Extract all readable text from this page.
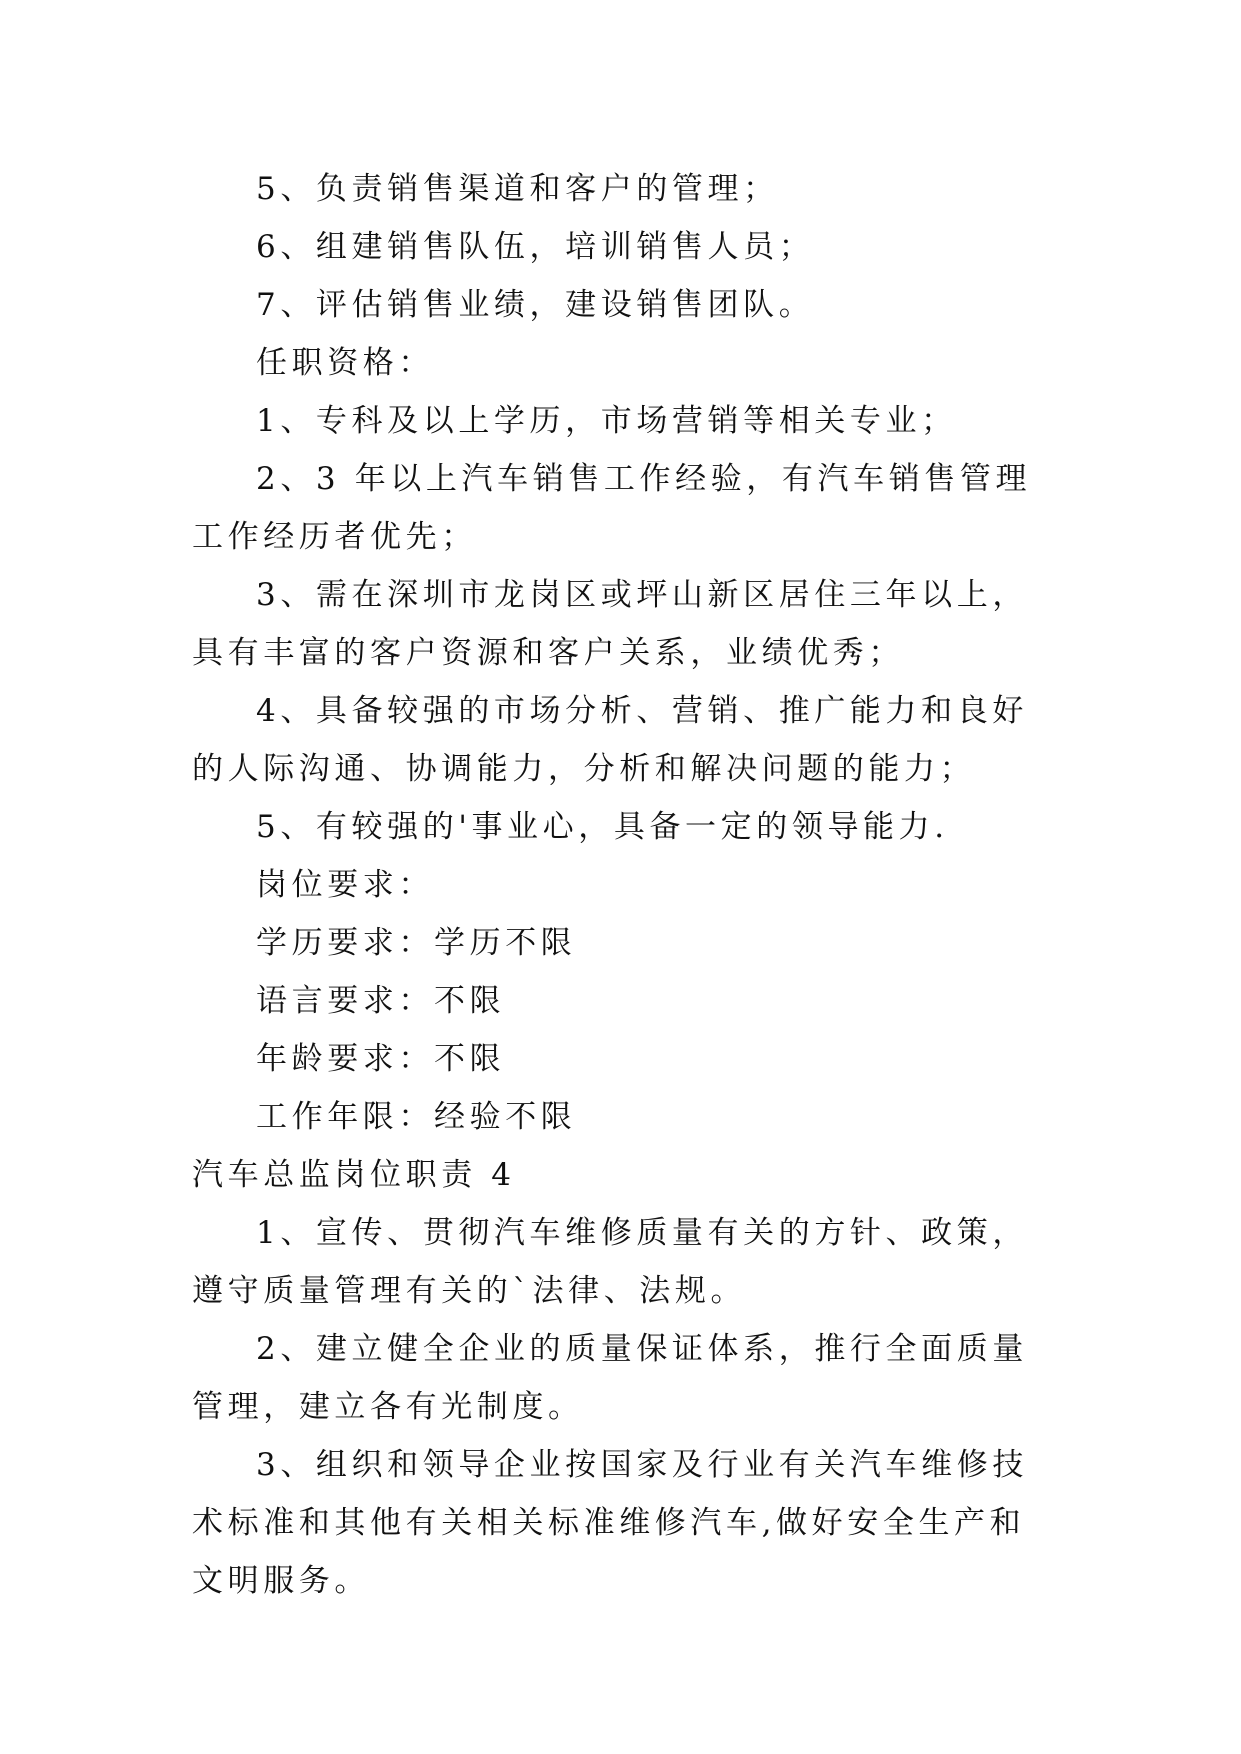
5、负责销售渠道和客户的管理；

6、组建销售队伍，培训销售人员；

7、评估销售业绩，建设销售团队。

任职资格：

1、专科及以上学历，市场营销等相关专业；

2、3 年以上汽车销售工作经验，有汽车销售管理工作经历者优先；

3、需在深圳市龙岗区或坪山新区居住三年以上，具有丰富的客户资源和客户关系，业绩优秀；

4、具备较强的市场分析、营销、推广能力和良好的人际沟通、协调能力，分析和解决问题的能力；

5、有较强的'事业心，具备一定的领导能力.

岗位要求：

学历要求：学历不限

语言要求：不限

年龄要求：不限

工作年限：经验不限

汽车总监岗位职责 4

1、宣传、贯彻汽车维修质量有关的方针、政策，遵守质量管理有关的`法律、法规。

2、建立健全企业的质量保证体系，推行全面质量管理，建立各有光制度。

3、组织和领导企业按国家及行业有关汽车维修技术标准和其他有关相关标准维修汽车,做好安全生产和文明服务。
